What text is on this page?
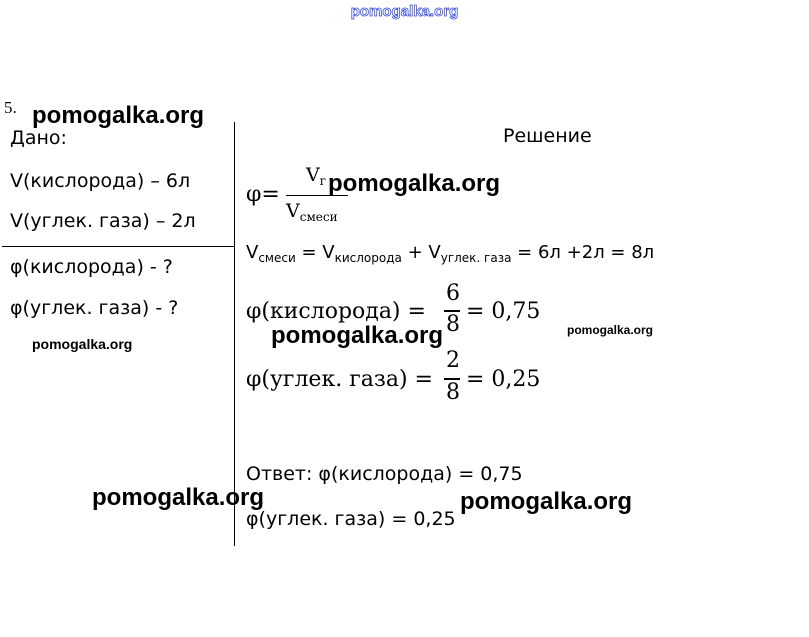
pomogalka.org
5.
Дано:
V(кислорода) – 6л
V(углек. газа) – 2л
φ(кислорода) - ?
φ(углек. газа) - ?
Решение
φ=
$V_г$
$V_{смеси}$
$V_{смеси} = V_{кислорода} + V_{углек. газа} = 6л +2л = 8л$
φ(кислорода) =
6
8
= 0,75
φ(углек. газа) =
2
8
= 0,25
Ответ: φ(кислорода) = 0,75
φ(углек. газа) = 0,25
pomogalka.org
pomogalka.org
pomogalka.org
pomogalka.org
pomogalka.org
pomogalka.org	pomogalka.org
